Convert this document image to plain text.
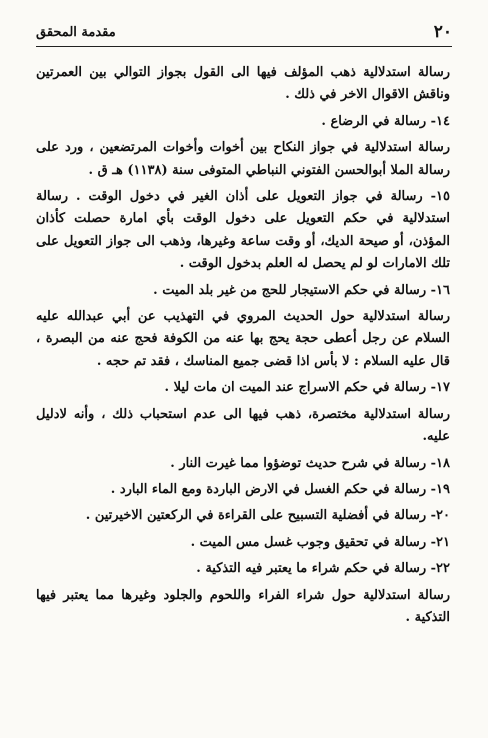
٢٠
مقدمة المحقق

رسالة استدلالية ذهب المؤلف فيها الى القول بجواز التوالي بين العمرتين وناقش الاقوال الاخر في ذلك .

١٤- رسالة في الرضاع .

رسالة استدلالية في جواز النكاح بين أخوات وأخوات المرتضعين ، ورد على رسالة الملا أبوالحسن الفتوني النباطي المتوفى سنة (١١٣٨) هـ ق .

١٥- رسالة في جواز التعويل على أذان الغير في دخول الوقت . رسالة استدلالية في حكم التعويل على دخول الوقت بأي امارة حصلت كأذان المؤذن، أو صيحة الديك، أو وقت ساعة وغيرها، وذهب الى جواز التعويل على تلك الامارات لو لم يحصل له العلم بدخول الوقت .

١٦- رسالة في حكم الاستيجار للحج من غير بلد الميت .

رسالة استدلالية حول الحديث المروي في التهذيب عن أبي عبدالله عليه السلام عن رجل أعطى حجة يحج بها عنه من الكوفة فحج عنه من البصرة ، قال عليه السلام : لا بأس اذا قضى جميع المناسك ، فقد تم حجه .

١٧- رسالة في حكم الاسراج عند الميت ان مات ليلا .

رسالة استدلالية مختصرة، ذهب فيها الى عدم استحباب ذلك ، وأنه لادليل عليه.

١٨- رسالة في شرح حديث توضؤوا مما غيرت النار .

١٩- رسالة في حكم الغسل في الارض الباردة ومع الماء البارد .

٢٠- رسالة في أفضلية التسبيح على القراءة في الركعتين الاخيرتين .

٢١- رسالة في تحقيق وجوب غسل مس الميت .

٢٢- رسالة في حكم شراء ما يعتبر فيه التذكية .

رسالة استدلالية حول شراء الفراء واللحوم والجلود وغيرها مما يعتبر فيها التذكية .
